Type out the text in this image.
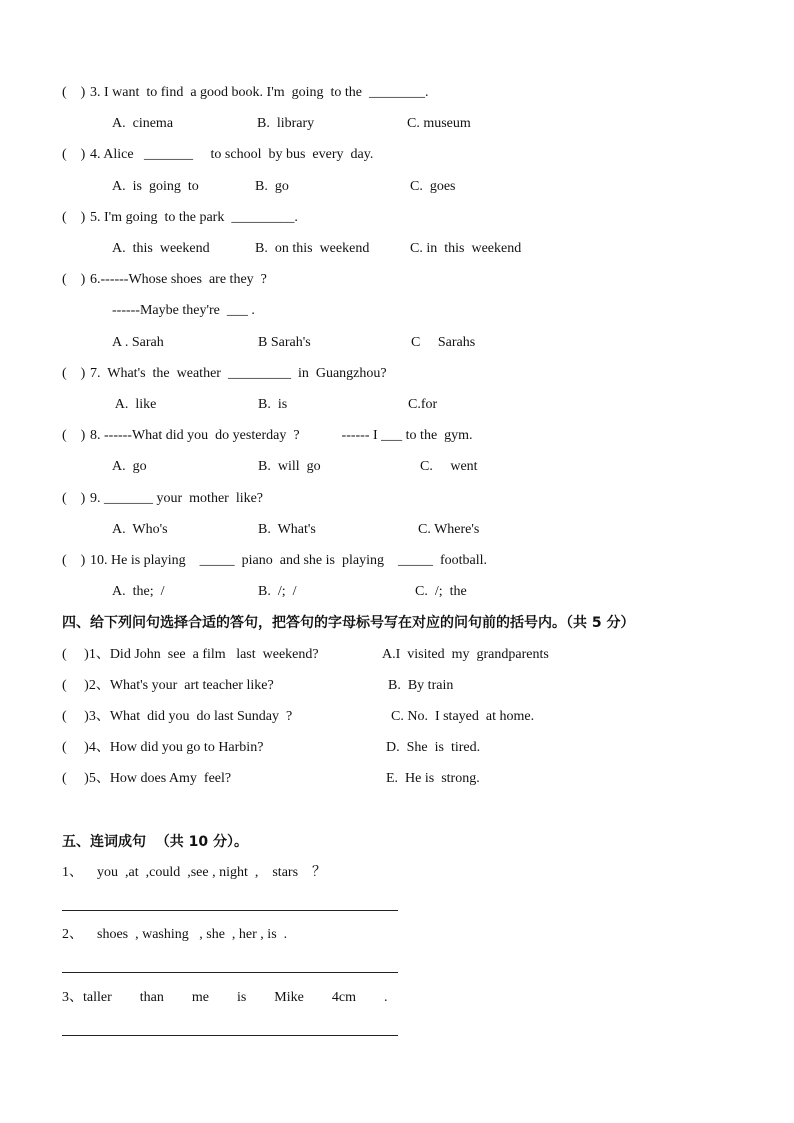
(    ) 3. I want  to find  a good book. I'm  going  to the  ________.
A.  cinema	B.  library	C. museum
(    ) 4. Alice   _______     to school  by bus  every  day.
A.  is  going  to	B.  go	C.  goes
(    ) 5. I'm going  to the park  _________.
A.  this  weekend	B.  on this  weekend	C. in  this  weekend
(    ) 6.------Whose shoes  are they  ?
------Maybe they're  ___ .
A . Sarah	B Sarah's	C     Sarahs
(    ) 7.  What's  the  weather  _________  in  Guangzhou?
A.  like	B.  is	C.for
(    ) 8. ------What did you  do yesterday  ?            ------ I ___ to the  gym.
A.  go	B.  will  go	C.     went
(    ) 9. _______ your  mother  like?
A.  Who's	B.  What's	C. Where's
(    ) 10. He is playing    _____  piano  and she is  playing    _____  football.
A.  the;  /	B.  /;  /	C.  /;  the
四、给下列问句选择合适的答句，把答句的字母标号写在对应的问句前的括号内。（共 5 分）
(     )1、Did John  see  a film   last  weekend?	A.I  visited  my  grandparents
(     )2、What's your  art teacher like?	B.  By train
(     )3、What  did you  do last Sunday  ?	C. No.  I stayed  at home.
(     )4、How did you go to Harbin?	D.  She  is  tired.
(     )5、How does Amy  feel?	E.  He is  strong.
五、连词成句  （共 10 分）。
1、    you  ,at  ,could  ,see , night  ,    stars    ？
2、    shoes  , washing   , she  , her , is  .
3、taller        than        me        is        Mike        4cm        .
